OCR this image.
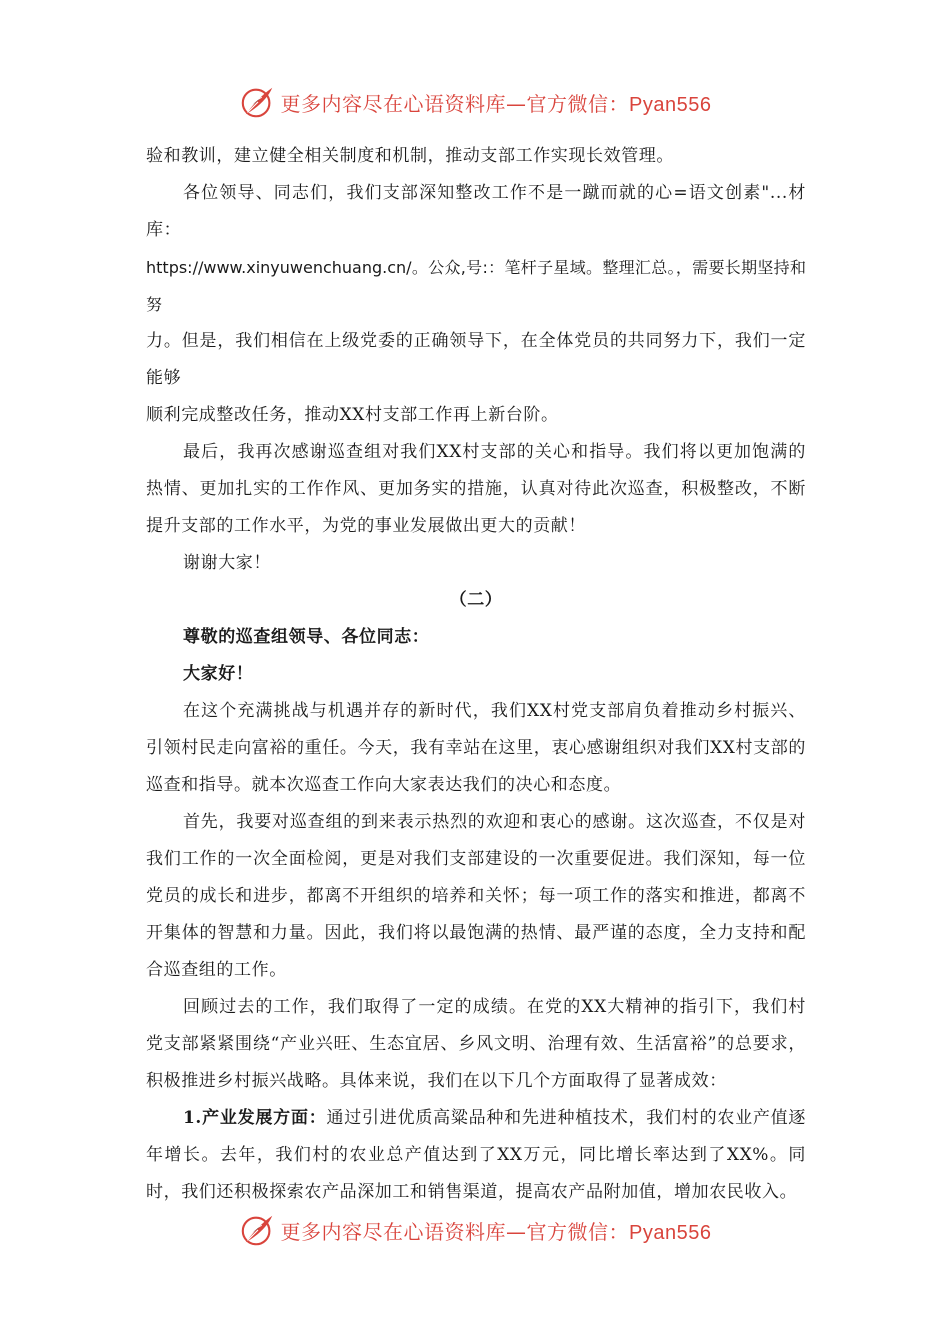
更多内容尽在心语资料库—官方微信：Pyan556

验和教训，建立健全相关制度和机制，推动支部工作实现长效管理。

各位领导、同志们，我们支部深知整改工作不是一蹴而就的心=语文创素"...材库：

https://www.xinyuwenchuang.cn/。公众,号:：笔杆子星域。整理汇总。，需要长期坚持和努

力。但是，我们相信在上级党委的正确领导下，在全体党员的共同努力下，我们一定能够

顺利完成整改任务，推动XX村支部工作再上新台阶。

最后，我再次感谢巡查组对我们XX村支部的关心和指导。我们将以更加饱满的热情、更加扎实的工作作风、更加务实的措施，认真对待此次巡查，积极整改，不断提升支部的工作水平，为党的事业发展做出更大的贡献！

谢谢大家！

（二）

尊敬的巡查组领导、各位同志：

大家好！

在这个充满挑战与机遇并存的新时代，我们XX村党支部肩负着推动乡村振兴、引领村民走向富裕的重任。今天，我有幸站在这里，衷心感谢组织对我们XX村支部的巡查和指导。就本次巡查工作向大家表达我们的决心和态度。

首先，我要对巡查组的到来表示热烈的欢迎和衷心的感谢。这次巡查，不仅是对我们工作的一次全面检阅，更是对我们支部建设的一次重要促进。我们深知，每一位党员的成长和进步，都离不开组织的培养和关怀；每一项工作的落实和推进，都离不开集体的智慧和力量。因此，我们将以最饱满的热情、最严谨的态度，全力支持和配合巡查组的工作。

回顾过去的工作，我们取得了一定的成绩。在党的XX大精神的指引下，我们村党支部紧紧围绕“产业兴旺、生态宜居、乡风文明、治理有效、生活富裕”的总要求，积极推进乡村振兴战略。具体来说，我们在以下几个方面取得了显著成效：

1.产业发展方面：通过引进优质高粱品种和先进种植技术，我们村的农业产值逐年增长。去年，我们村的农业总产值达到了XX万元，同比增长率达到了XX%。同时，我们还积极探索农产品深加工和销售渠道，提高农产品附加值，增加农民收入。

更多内容尽在心语资料库—官方微信：Pyan556
